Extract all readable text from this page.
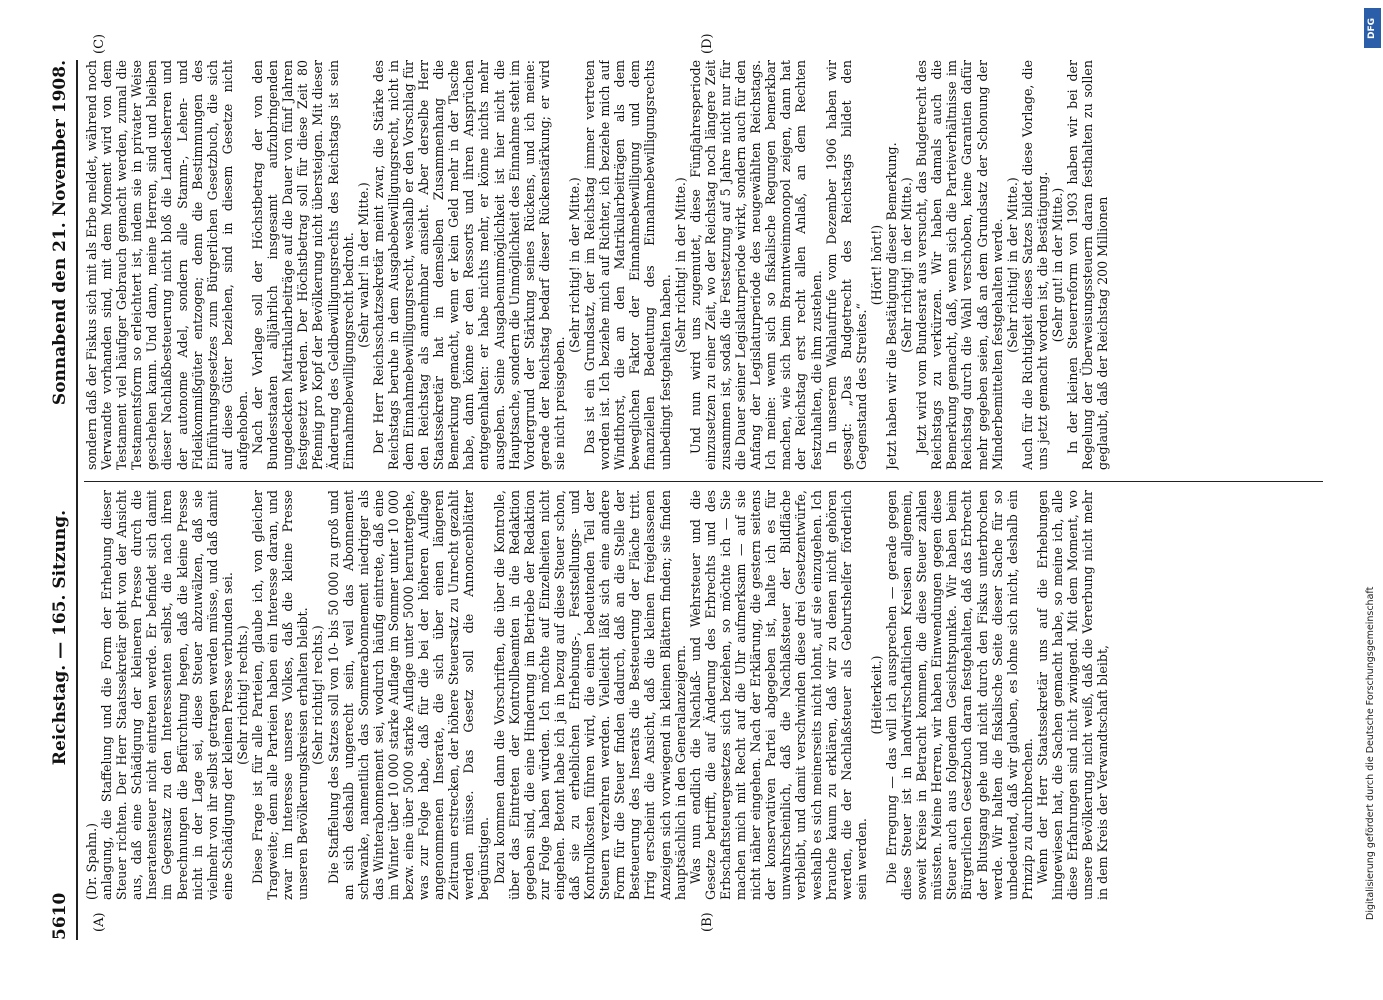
5610
Reichstag. — 165. Sitzung.
Sonnabend den 21. November 1908.
(A)	(B)
(C)	(D)

(Dr. Spahn.) anlagung, die Staffelung und die Form der Erhebung dieser Steuer richten. Der Herr Staatssekretär geht von der Ansicht aus, daß eine Schädigung der kleineren Presse durch die Inseratensteuer nicht eintreten werde. Er befindet sich damit im Gegensatz zu den Interessenten selbst, die nach ihren Berechnungen die Befürchtung hegen, daß die kleine Presse nicht in der Lage sei, diese Steuer abzuwälzen, daß sie vielmehr von ihr selbst getragen werden müsse, und daß damit eine Schädigung der kleinen Presse verbunden sei. (Sehr richtig! rechts.) Diese Frage ist für alle Parteien, glaube ich, von gleicher Tragweite; denn alle Parteien haben ein Interesse daran, und zwar im Interesse unseres Volkes, daß die kleine Presse unseren Bevölkerungskreisen erhalten bleibt. (Sehr richtig! rechts.) Die Staffelung des Satzes soll von 10- bis 50 000 zu groß und an sich deshalb ungerecht sein, weil das Abonnement schwanke, namentlich das Sommerabonnement niedriger als das Winterabonnement sei, wodurch häufig eintrete, daß eine im Winter über 10 000 starke Auflage im Sommer unter 10 000 bezw. eine über 5000 starke Auflage unter 5000 heruntergehe, was zur Folge habe, daß für die bei der höheren Auflage angenommenen Inserate, die sich über einen längeren Zeitraum erstrecken, der höhere Steuersatz zu Unrecht gezahlt werden müsse. Das Gesetz soll die Annoncenblätter begünstigen. Dazu kommen dann die Vorschriften, die über die Kontrolle, über das Eintreten der Kontrollbeamten in die Redaktion gegeben sind, die eine Hinderung im Betriebe der Redaktion zur Folge haben würden. Ich möchte auf Einzelheiten nicht eingehen. Betont habe ich ja in bezug auf diese Steuer schon, daß sie zu erheblichen Erhebungs-, Feststellungs- und Kontrollkosten führen wird, die einen bedeutenden Teil der Steuern verzehren werden. Vielleicht läßt sich eine andere Form für die Steuer finden dadurch, daß an die Stelle der Besteuerung des Inserats die Besteuerung der Fläche tritt. Irrig erscheint die Ansicht, daß die kleinen freigelassenen Anzeigen sich vorwiegend in kleinen Blättern finden; sie finden hauptsächlich in den Generalanzeigern. Was nun endlich die Nachlaß- und Wehrsteuer und die Gesetze betrifft, die auf Änderung des Erbrechts und des Erbschaftsteuergesetzes sich beziehen, so möchte ich — Sie machen mich mit Recht auf die Uhr aufmerksam — auf sie nicht näher eingehen. Nach der Erklärung, die gestern seitens der konservativen Partei abgegeben ist, halte ich es für unwahrscheinlich, daß die Nachlaßsteuer der Bildfläche verbleibt, und damit verschwinden diese drei Gesetzentwürfe, weshalb es sich meinerseits nicht lohnt, auf sie einzugehen. Ich brauche kaum zu erklären, daß wir zu denen nicht gehören werden, die der Nachlaßsteuer als Geburtshelfer förderlich sein werden.

(Heiterkeit.) Die Erregung — das will ich aussprechen — gerade gegen diese Steuer ist in landwirtschaftlichen Kreisen allgemein, soweit Kreise in Betracht kommen, die diese Steuer zahlen müssten. Meine Herren, wir haben Einwendungen gegen diese Steuer auch aus folgendem Gesichtspunkte. Wir haben beim Bürgerlichen Gesetzbuch daran festgehalten, daß das Erbrecht der Blutsgang gehe und nicht durch den Fiskus unterbrochen werde. Wir halten die fiskalische Seite dieser Sache für so unbedeutend, daß wir glauben, es lohne sich nicht, deshalb ein Prinzip zu durchbrechen. Wenn der Herr Staatssekretär uns auf die Erhebungen hingewiesen hat, die Sachen gemacht habe, so meine ich, alle diese Erfahrungen sind nicht zwingend. Mit dem Moment, wo unsere Bevölkerung nicht weiß, daß die Vererbung nicht mehr in dem Kreis der Verwandtschaft bleibt,

sondern daß der Fiskus sich mit als Erbe meldet, während noch Verwandte vorhanden sind, mit dem Moment wird von dem Testament viel häufiger Gebrauch gemacht werden, zumal die Testamentsform so erleichtert ist, indem sie in privater Weise geschehen kann. Und dann, meine Herren, sind und bleiben dieser Nachlaßbesteuerung nicht bloß die Landesherren und der autonome Adel, sondern alle Stamm-, Lehen- und Fideikommißgüter entzogen; denn die Bestimmungen des Einführungsgesetzes zum Bürgerlichen Gesetzbuch, die sich auf diese Güter beziehen, sind in diesem Gesetze nicht aufgehoben. Nach der Vorlage soll der Höchstbetrag der von den Bundesstaaten alljährlich insgesamt aufzubringenden ungedeckten Matrikularbeiträge auf die Dauer von fünf Jahren festgesetzt werden. Der Höchstbetrag soll für diese Zeit 80 Pfennig pro Kopf der Bevölkerung nicht übersteigen. Mit dieser Änderung des Geldbewilligungsrechts des Reichstags ist sein Einnahmebewilligungsrecht bedroht. (Sehr wahr! in der Mitte.) Der Herr Reichsschatzsekretär meint zwar, die Stärke des Reichstags beruhe in dem Ausgabebewilligungsrecht, nicht in dem Einnahmebewilligungsrecht, weshalb er den Vorschlag für den Reichstag als annehmbar ansieht. Aber derselbe Herr Staatssekretär hat in demselben Zusammenhang die Bemerkung gemacht, wenn er kein Geld mehr in der Tasche habe, dann könne er den Ressorts und ihren Ansprüchen entgegenhalten: er habe nichts mehr, er könne nichts mehr ausgeben. Seine Ausgabenunmöglichkeit ist hier nicht die Hauptsache, sondern die Unmöglichkeit des Einnahme steht im Vordergrund der Stärkung seines Rückens, und ich meine: gerade der Reichstag bedarf dieser Rückenstärkung; er wird sie nicht preisgeben.

(Sehr richtig! in der Mitte.) Das ist ein Grundsatz, der im Reichstag immer vertreten worden ist. Ich beziehe mich auf Richter, ich beziehe mich auf Windthorst, die an den Matrikularbeiträgen als dem beweglichen Faktor der Einnahmebewilligung und dem finanziellen Bedeutung des Einnahmebewilligungsrechts unbedingt festgehalten haben.

(Sehr richtig! in der Mitte.) Und nun wird uns zugemutet, diese Fünfjahresperiode einzusetzen zu einer Zeit, wo der Reichstag noch längere Zeit zusammen ist, sodaß die Festsetzung auf 5 Jahre nicht nur für die Dauer seiner Legislaturperiode wirkt, sondern auch für den Anfang der Legislaturperiode des neugewählten Reichstags. Ich meine: wenn sich so fiskalische Regungen bemerkbar machen, wie sich beim Branntweinmonopol zeigen, dann hat der Reichstag erst recht allen Anlaß, an dem Rechten festzuhalten, die ihm zustehen. In unserem Wahlaufrufe vom Dezember 1906 haben wir gesagt: „Das Budgetrecht des Reichstags bildet den Gegenstand des Streites.“

(Hört! hört!) Jetzt haben wir die Bestätigung dieser Bemerkung. (Sehr richtig! in der Mitte.) Jetzt wird vom Bundesrat aus versucht, das Budgetrecht des Reichstags zu verkürzen. Wir haben damals auch die Bemerkung gemacht, daß, wenn sich die Parteiverhältnisse im Reichstag durch die Wahl verschoben, keine Garantien dafür mehr gegeben seien, daß an dem Grundsatz der Schonung der Minderbemittelten festgehalten werde. (Sehr richtig! in der Mitte.) Auch für die Richtigkeit dieses Satzes bildet diese Vorlage, die uns jetzt gemacht worden ist, die Bestätigung. (Sehr gut! in der Mitte.) In der kleinen Steuerreform von 1903 haben wir bei der Regelung der Überweisungssteuern daran festhalten zu sollen geglaubt, daß der Reichstag 200 Millionen

DFG
Digitalisierung gefördert durch die Deutsche Forschungsgemeinschaft
